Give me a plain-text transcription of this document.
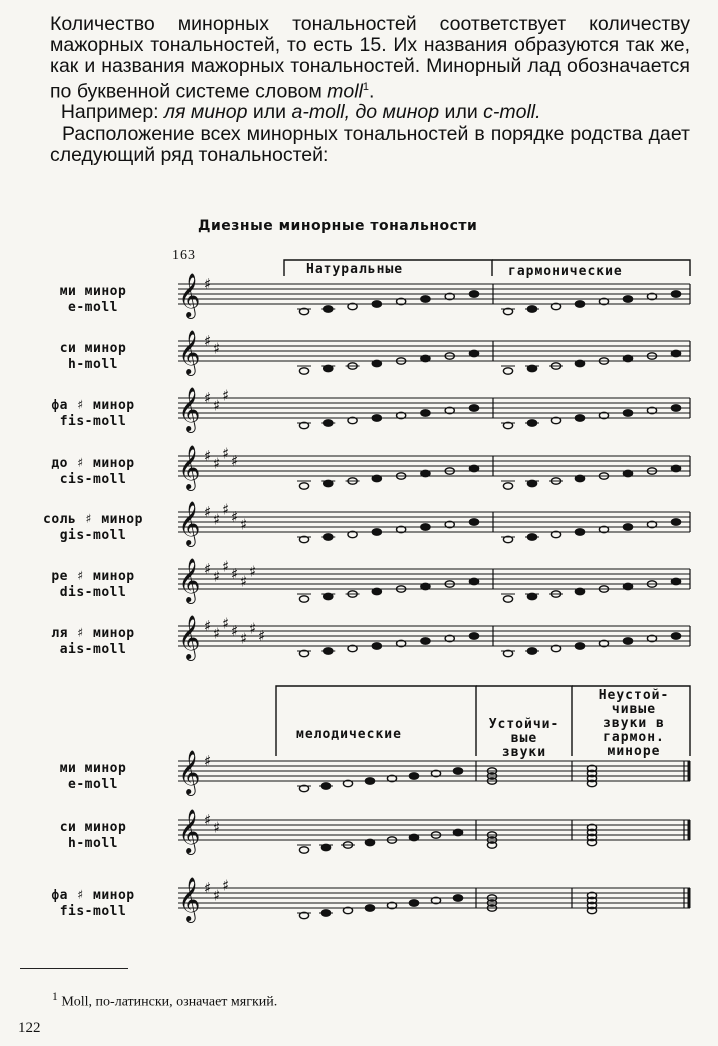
Количество минорных тональностей соответствует количеству мажорных тональностей, то есть 15. Их названия образуются так же, как и названия мажорных тональностей. Минорный лад обозначается по буквенной системе словом moll$^1$.

Например: ля минор или a-moll, до минор или c-moll.

Расположение всех минорных тональностей в порядке родства дает следующий ряд тональностей:

Диезные минорные тональности
163
Натуральные	гармонические
мелодические
Устойчи-
вые
звуки
Неустой-
чивые
звуки в
гармон.
миноре
ми минор
e-moll
си минор
h-moll
фа ♯ минор
fis-moll
до ♯ минор
cis-moll
соль ♯ минор
gis-moll
ре ♯ минор
dis-moll
ля ♯ минор
ais-moll
ми минор
e-moll
си минор
h-moll
фа ♯ минор
fis-moll
𝄞 ♯
𝄞 ♯ ♯
𝄞 ♯ ♯
♯
𝄞 ♯ ♯
♯ ♯
𝄞 ♯ ♯
♯ ♯ ♯
𝄞 ♯ ♯
♯ ♯ ♯
♯
𝄞 ♯ ♯
♯ ♯ ♯
♯ ♯
𝄞 ♯
𝄞 ♯ ♯
𝄞 ♯ ♯
♯
$^1$ Moll, по-латински, означает мягкий.
122
